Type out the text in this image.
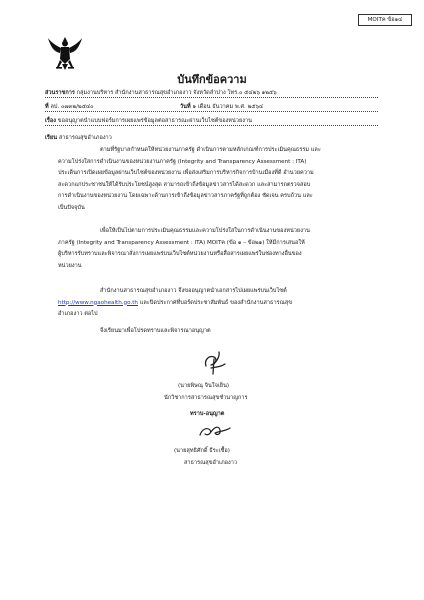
MOITค ข้อ๑๔
บันทึกข้อความ
ส่วนราชการ กลุ่มงานบริหาร สำนักงานสาธารณสุขอำเภองาว จังหวัดลำปาง โทร.๐ ๕๔๒๖ ๑๒๕๖
ที่ ลป. ๐๗๓๒/๒๕๔๐	วันที่ ๑ เดือน ธันวาคม พ.ศ. ๒๕๖๔
เรื่อง ขออนุญาตนำแบบฟอร์มการเผยแพร่ข้อมูลต่อสาธารณะผ่านเว็บไซต์ของหน่วยงาน
เรียน สาธารณสุขอำเภองาว
ตามที่รัฐบาลกำหนดให้หน่วยงานภาครัฐ ดำเนินการตามหลักเกณฑ์การประเมินคุณธรรม และ
ความโปร่งใสการดำเนินงานของหน่วยงานภาครัฐ (Integrity and Transparency Assessment : ITA)
ประเด็นการเปิดเผยข้อมูลผ่านเว็บไซต์ของหน่วยงาน เพื่อส่งเสริมการบริหารกิจการบ้านเมืองที่ดี อำนวยความ
สะดวกแก่ประชาชนให้ได้รับประโยชน์สูงสุด สามารถเข้าถึงข้อมูลข่าวสารได้สะดวก และสามารถตรวจสอบ
การดำเนินงานของหน่วยงาน โดยเฉพาะด้านการเข้าถึงข้อมูลข่าวสารภาครัฐที่ถูกต้อง ชัดเจน ครบถ้วน และ
เป็นปัจจุบัน
เพื่อให้เป็นไปตามการประเมินคุณธรรมและความโปร่งใสในการดำเนินงานของหน่วยงาน
ภาครัฐ (Integrity and Transparency Assessment : ITA) MOITค (ข้อ ๑ – ข้อ๒๑) ให้มีการเสนอให้
ผู้บริหารรับทราบและพิจารณาสั่งการเผยแพร่บนเว็บไซต์หน่วยงานหรือสื่อสารเผยแพร่ในช่องทางอื่นของ
หน่วยงาน
สำนักงานสาธารณสุขอำเภองาว จึงขออนุญาตนำเอกสารไปเผยแพร่บนเว็บไซต์
http://www.ngaohealth.go.th และปิดประกาศที่บอร์ดประชาสัมพันธ์ ของสำนักงานสาธารณสุข
อำเภองาว ต่อไป
จึงเรียนมาเพื่อโปรดทราบและพิจารณาอนุญาต
(นายพิษณุ จินใจเย็น)
นักวิชาการสาธารณสุขชำนาญการ
ทราบ-อนุญาต
(นายสุทธิศักดิ์ ธีระเชื้อ)
สาธารณสุขอำเภองาว
